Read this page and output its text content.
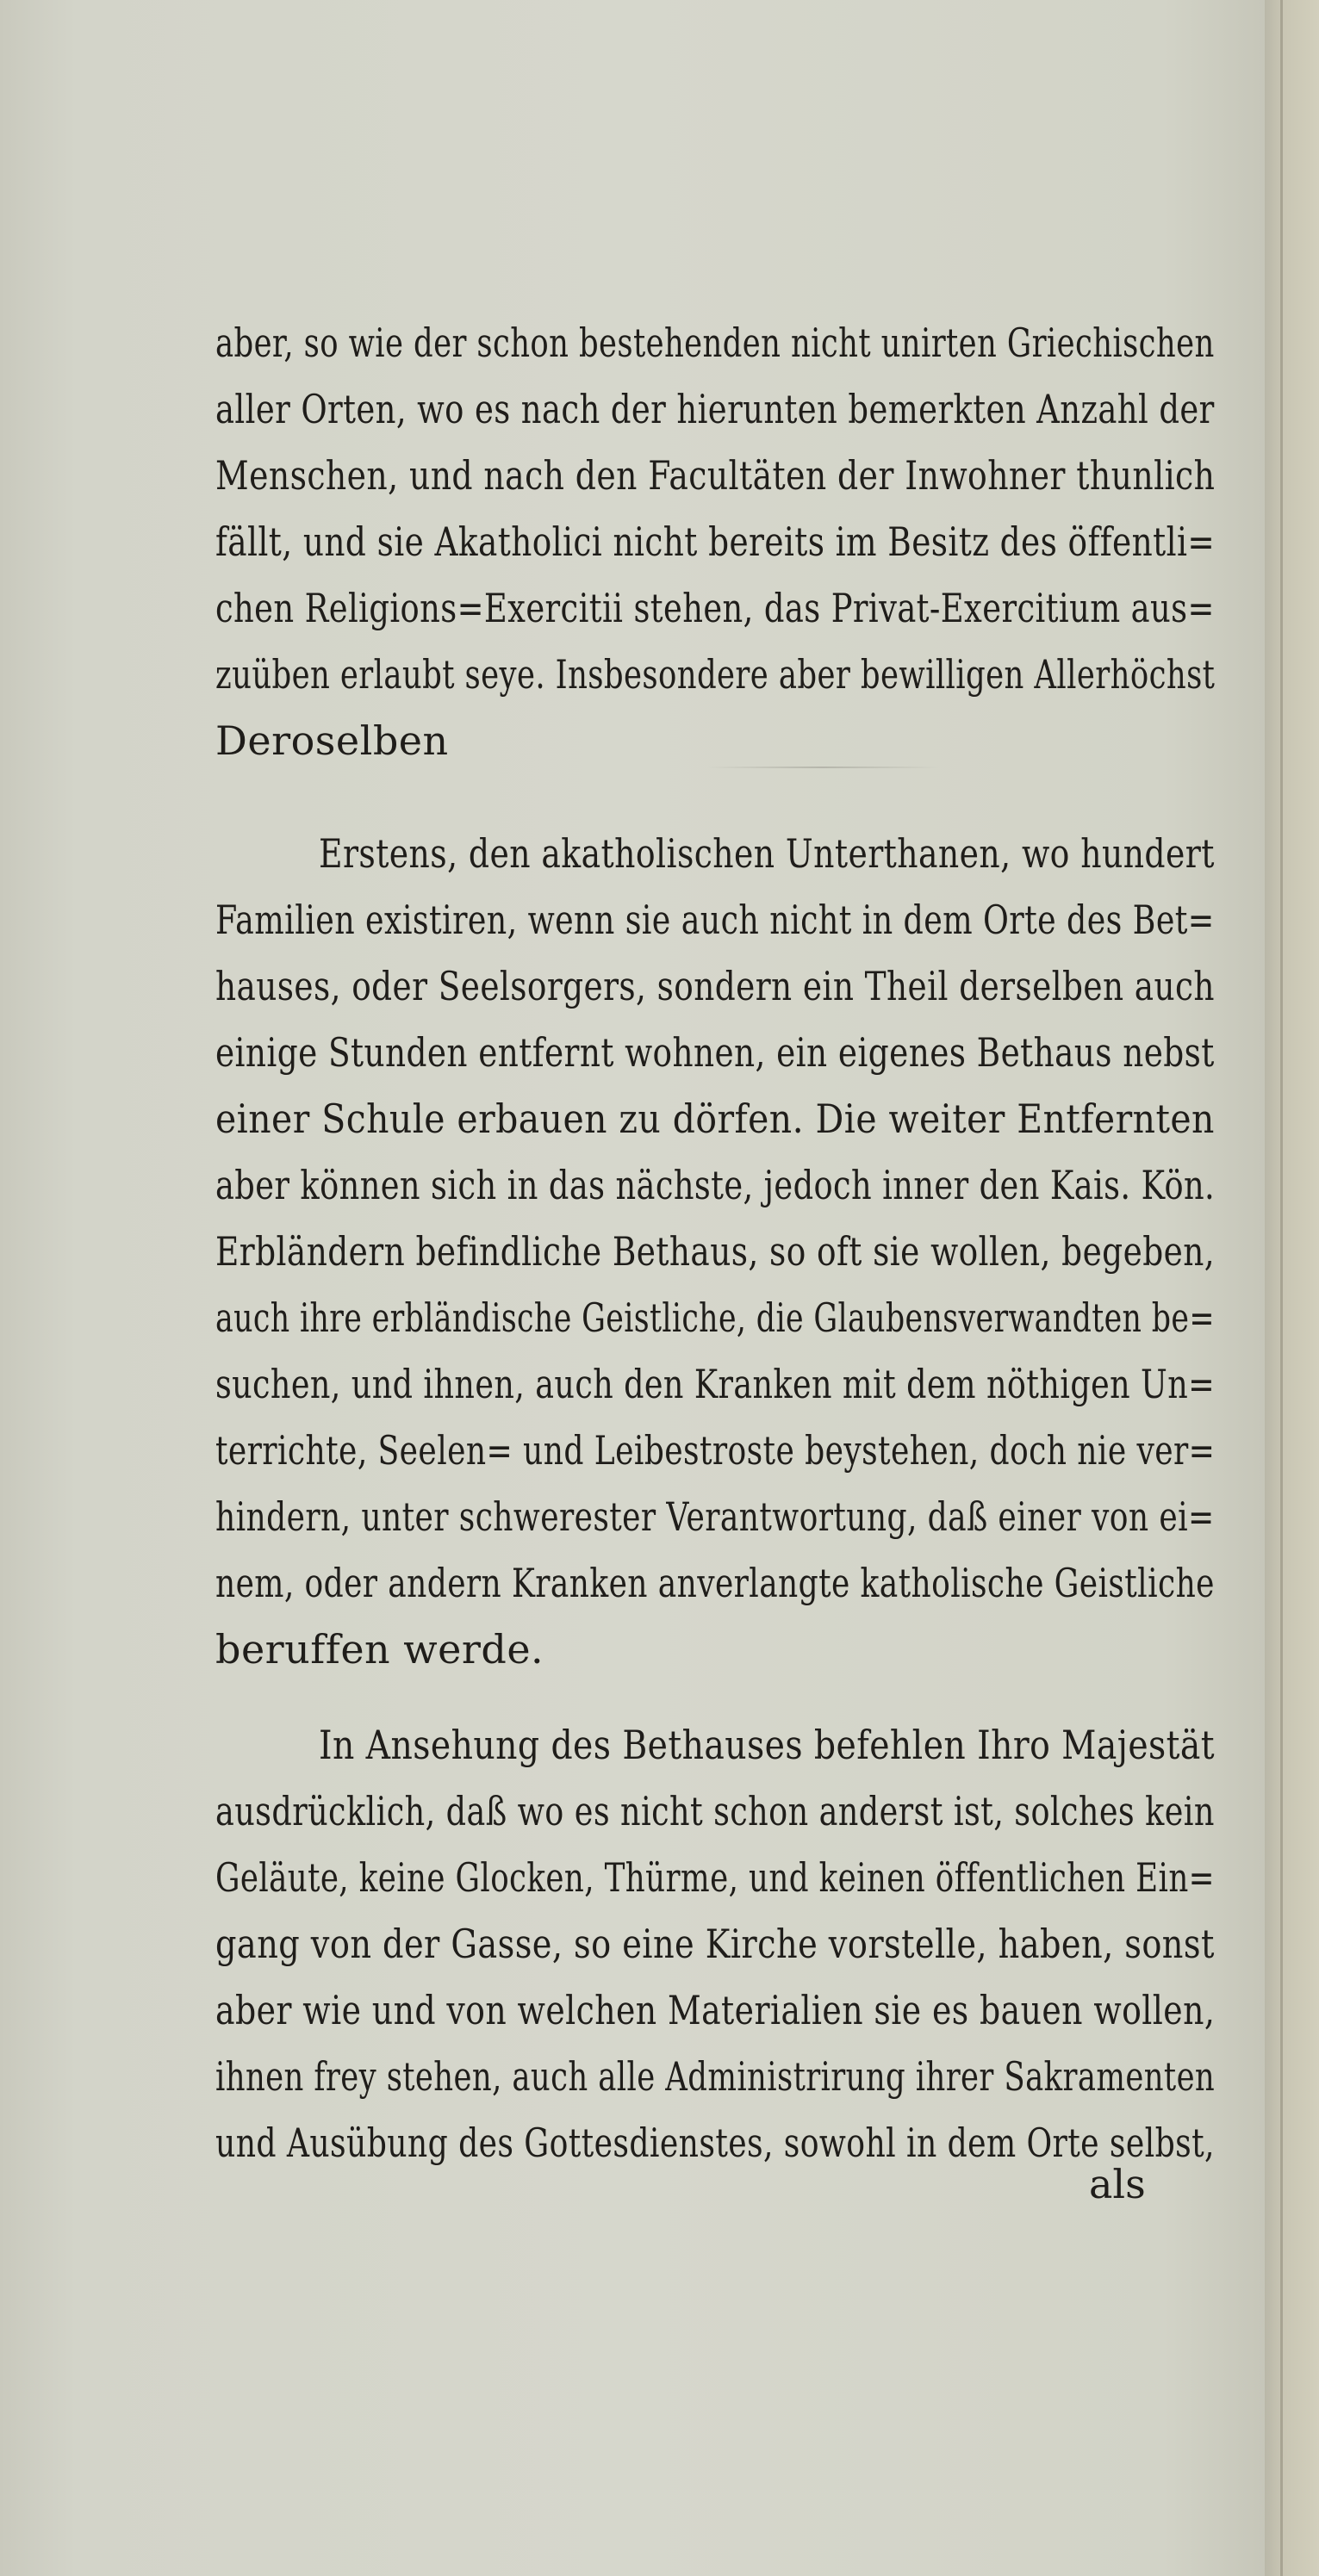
aber, so wie der schon bestehenden nicht unirten Griechischen
aller Orten, wo es nach der hierunten bemerkten Anzahl der
Menschen, und nach den Facultäten der Inwohner thunlich
fällt, und sie Akatholici nicht bereits im Besitz des öffentli=
chen Religions=Exercitii stehen, das Privat-Exercitium aus=
zuüben erlaubt seye. Insbesondere aber bewilligen Allerhöchst
Deroselben
Erstens, den akatholischen Unterthanen, wo hundert
Familien existiren, wenn sie auch nicht in dem Orte des Bet=
hauses, oder Seelsorgers, sondern ein Theil derselben auch
einige Stunden entfernt wohnen, ein eigenes Bethaus nebst
einer Schule erbauen zu dörfen. Die weiter Entfernten
aber können sich in das nächste, jedoch inner den Kais. Kön.
Erbländern befindliche Bethaus, so oft sie wollen, begeben,
auch ihre erbländische Geistliche, die Glaubensverwandten be=
suchen, und ihnen, auch den Kranken mit dem nöthigen Un=
terrichte, Seelen= und Leibestroste beystehen, doch nie ver=
hindern, unter schwerester Verantwortung, daß einer von ei=
nem, oder andern Kranken anverlangte katholische Geistliche
beruffen werde.
In Ansehung des Bethauses befehlen Ihro Majestät
ausdrücklich, daß wo es nicht schon anderst ist, solches kein
Geläute, keine Glocken, Thürme, und keinen öffentlichen Ein=
gang von der Gasse, so eine Kirche vorstelle, haben, sonst
aber wie und von welchen Materialien sie es bauen wollen,
ihnen frey stehen, auch alle Administrirung ihrer Sakramenten
und Ausübung des Gottesdienstes, sowohl in dem Orte selbst,
als
